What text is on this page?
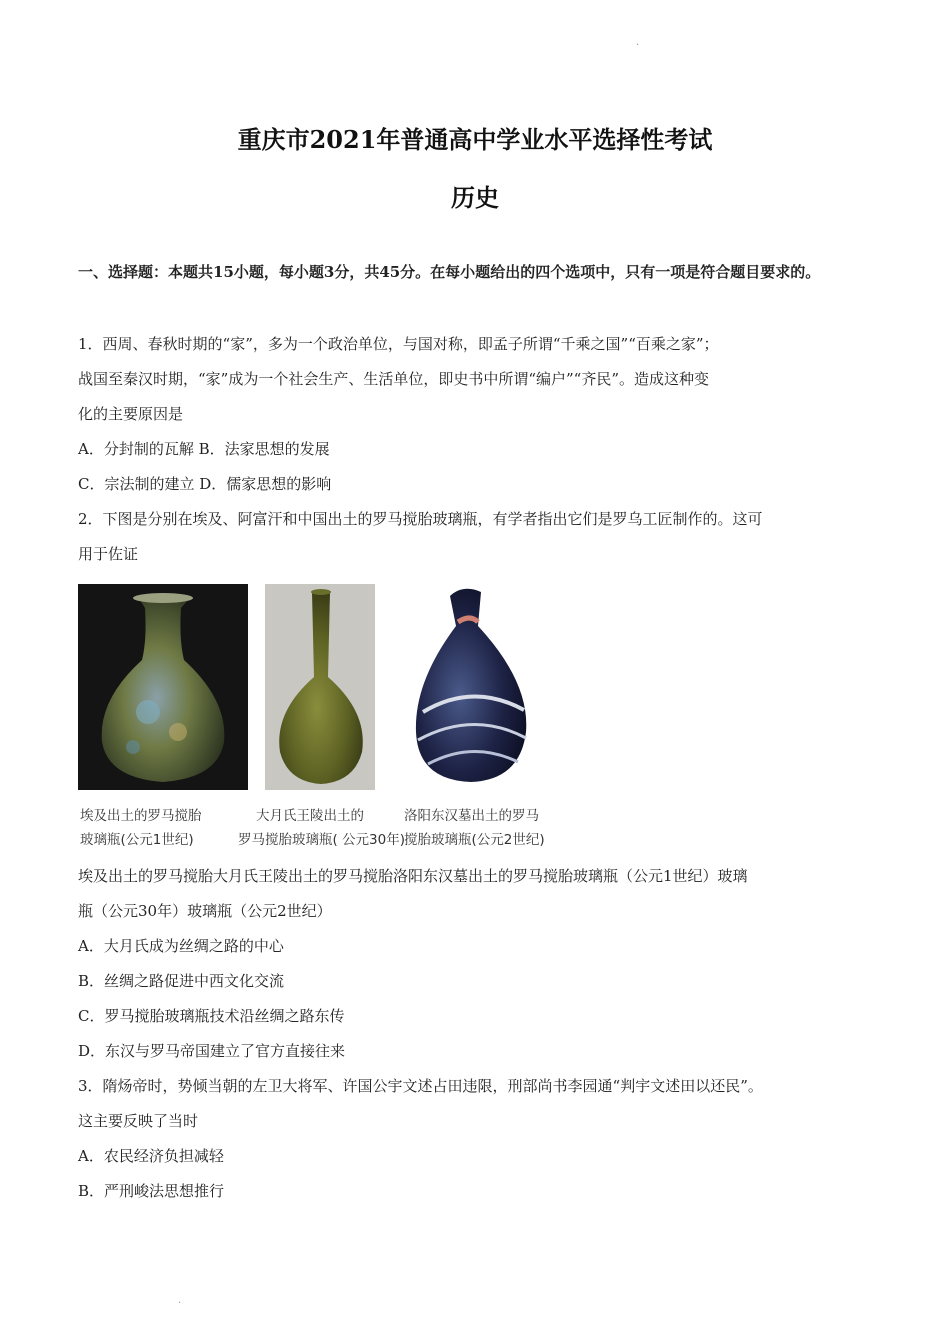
·
重庆市2021年普通高中学业水平选择性考试
历史
一、选择题：本题共15小题，每小题3分，共45分。在每小题给出的四个选项中，只有一项是符合题目要求的。
1．西周、春秋时期的“家”，多为一个政治单位，与国对称，即孟子所谓“千乘之国”“百乘之家”；
战国至秦汉时期，“家”成为一个社会生产、生活单位，即史书中所谓“编户”“齐民”。造成这种变
化的主要原因是
A．分封制的瓦解 B．法家思想的发展
C．宗法制的建立 D．儒家思想的影响
2．下图是分别在埃及、阿富汗和中国出土的罗马搅胎玻璃瓶，有学者指出它们是罗乌工匠制作的。这可
用于佐证
埃及出土的罗马搅胎
玻璃瓶(公元1世纪)
大月氏王陵出土的
罗马搅胎玻璃瓶( 公元30年)
洛阳东汉墓出土的罗马
搅胎玻璃瓶(公元2世纪)
埃及出土的罗马搅胎大月氏王陵出土的罗马搅胎洛阳东汉墓出土的罗马搅胎玻璃瓶（公元1世纪）玻璃
瓶（公元30年）玻璃瓶（公元2世纪）
A．大月氏成为丝绸之路的中心
B．丝绸之路促进中西文化交流
C．罗马搅胎玻璃瓶技术沿丝绸之路东传
D．东汉与罗马帝国建立了官方直接往来
3．隋炀帝时，势倾当朝的左卫大将军、许国公宇文述占田违限，刑部尚书李园通“判宇文述田以还民”。
这主要反映了当时
A．农民经济负担减轻
B．严刑峻法思想推行
·
